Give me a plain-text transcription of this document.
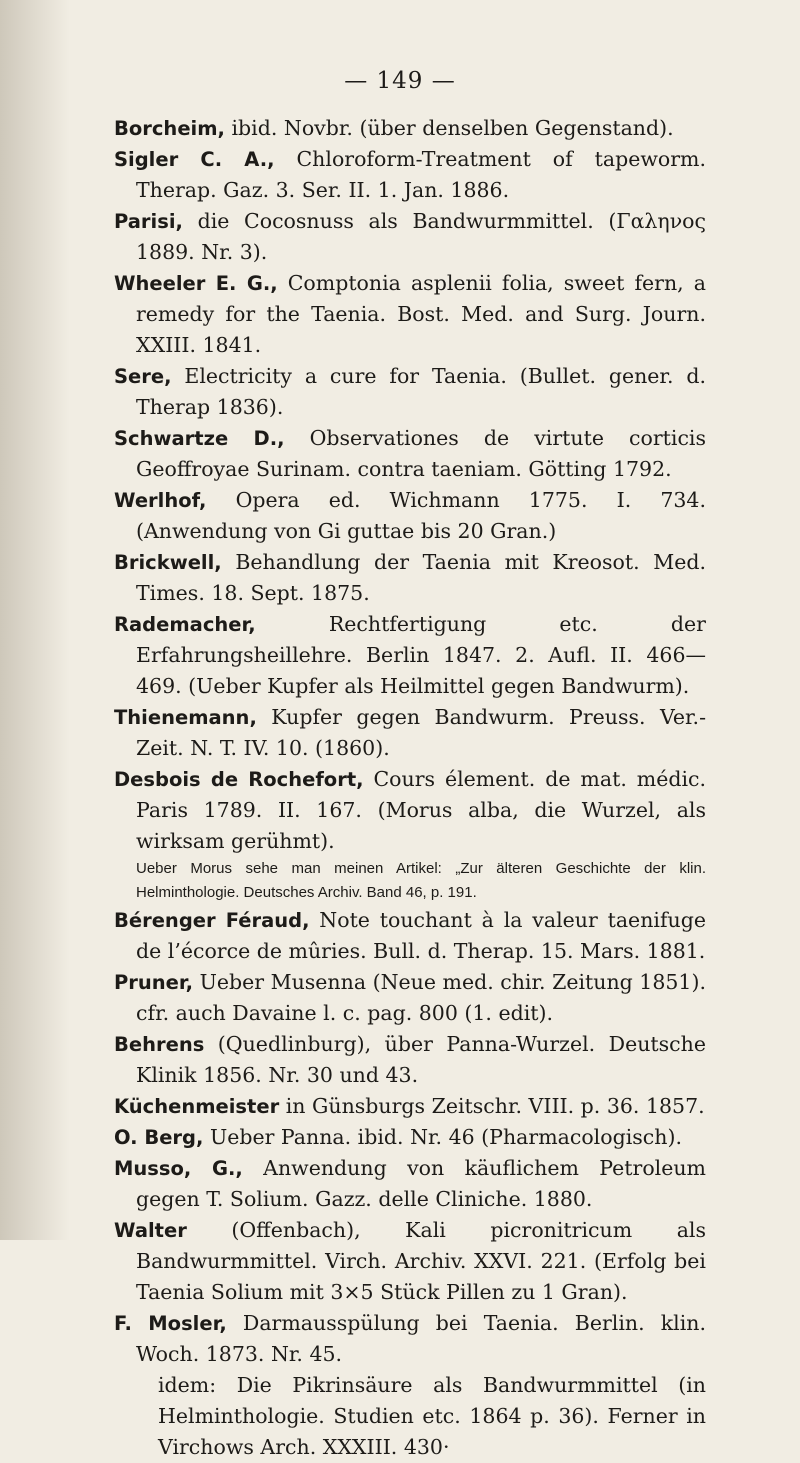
— 149 —

Borcheim, ibid. Novbr. (über denselben Gegenstand).

Sigler C. A., Chloroform-Treatment of tapeworm. Therap. Gaz. 3. Ser. II. 1. Jan. 1886.

Parisi, die Cocosnuss als Bandwurmmittel. (Γαληνος 1889. Nr. 3).

Wheeler E. G., Comptonia asplenii folia, sweet fern, a remedy for the Taenia. Bost. Med. and Surg. Journ. XXIII. 1841.

Sere, Electricity a cure for Taenia. (Bullet. gener. d. Therap 1836).

Schwartze D., Observationes de virtute corticis Geoffroyae Surinam. contra taeniam. Götting 1792.

Werlhof, Opera ed. Wichmann 1775. I. 734. (Anwendung von Gi guttae bis 20 Gran.)

Brickwell, Behandlung der Taenia mit Kreosot. Med. Times. 18. Sept. 1875.

Rademacher, Rechtfertigung etc. der Erfahrungsheillehre. Berlin 1847. 2. Aufl. II. 466—469. (Ueber Kupfer als Heilmittel gegen Bandwurm).

Thienemann, Kupfer gegen Bandwurm. Preuss. Ver.-Zeit. N. T. IV. 10. (1860).

Desbois de Rochefort, Cours élement. de mat. médic. Paris 1789. II. 167. (Morus alba, die Wurzel, als wirksam gerühmt).

Ueber Morus sehe man meinen Artikel: „Zur älteren Geschichte der klin. Helminthologie. Deutsches Archiv. Band 46, p. 191.

Bérenger Féraud, Note touchant à la valeur taenifuge de l’écorce de mûries. Bull. d. Therap. 15. Mars. 1881.

Pruner, Ueber Musenna (Neue med. chir. Zeitung 1851). cfr. auch Davaine l. c. pag. 800 (1. edit).

Behrens (Quedlinburg), über Panna-Wurzel. Deutsche Klinik 1856. Nr. 30 und 43.

Küchenmeister in Günsburgs Zeitschr. VIII. p. 36. 1857.

O. Berg, Ueber Panna. ibid. Nr. 46 (Pharmacologisch).

Musso, G., Anwendung von käuflichem Petroleum gegen T. Solium. Gazz. delle Cliniche. 1880.

Walter (Offenbach), Kali picronitricum als Bandwurmmittel. Virch. Archiv. XXVI. 221. (Erfolg bei Taenia Solium mit 3×5 Stück Pillen zu 1 Gran).

F. Mosler, Darmausspülung bei Taenia. Berlin. klin. Woch. 1873. Nr. 45.
idem: Die Pikrinsäure als Bandwurmmittel (in Helminthologie. Studien etc. 1864 p. 36). Ferner in Virchows Arch. XXXIII. 430·
